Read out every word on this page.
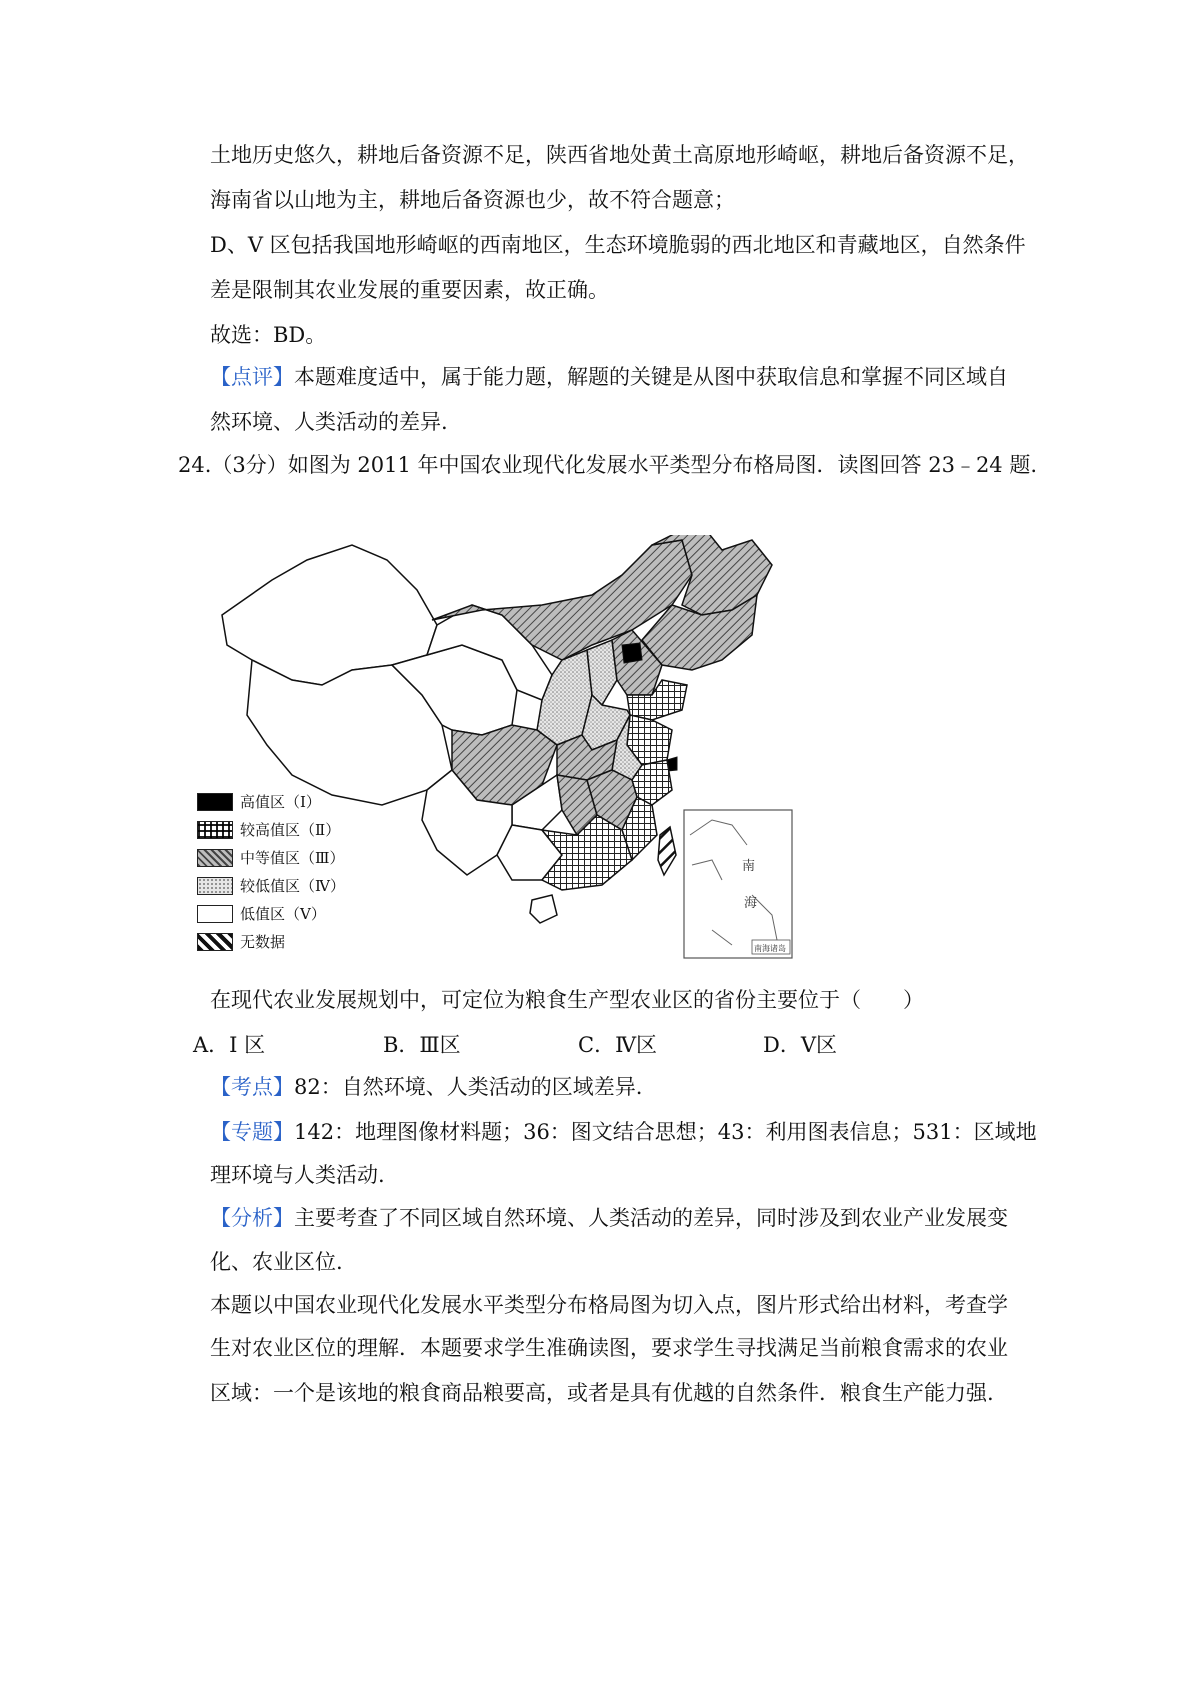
土地历史悠久，耕地后备资源不足，陕西省地处黄土高原地形崎岖，耕地后备资源不足，
海南省以山地为主，耕地后备资源也少，故不符合题意；
D、V 区包括我国地形崎岖的西南地区，生态环境脆弱的西北地区和青藏地区，自然条件
差是限制其农业发展的重要因素，故正确。
故选：BD。
【点评】本题难度适中，属于能力题，解题的关键是从图中获取信息和掌握不同区域自
然环境、人类活动的差异.
24.（3分）如图为 2011 年中国农业现代化发展水平类型分布格局图．读图回答 23﹣24 题.
南
海
南海诸岛
高值区（Ⅰ）
较高值区（Ⅱ）
中等值区（Ⅲ）
较低值区（Ⅳ）
低值区（Ⅴ）
无数据
在现代农业发展规划中，可定位为粮食生产型农业区的省份主要位于（　　）
A．I 区	B．Ⅲ区	C．Ⅳ区	D．Ⅴ区
【考点】82：自然环境、人类活动的区域差异.
【专题】142：地理图像材料题；36：图文结合思想；43：利用图表信息；531：区域地
理环境与人类活动.
【分析】主要考查了不同区域自然环境、人类活动的差异，同时涉及到农业产业发展变
化、农业区位.
本题以中国农业现代化发展水平类型分布格局图为切入点，图片形式给出材料，考查学
生对农业区位的理解．本题要求学生准确读图，要求学生寻找满足当前粮食需求的农业
区域：一个是该地的粮食商品粮要高，或者是具有优越的自然条件．粮食生产能力强.
